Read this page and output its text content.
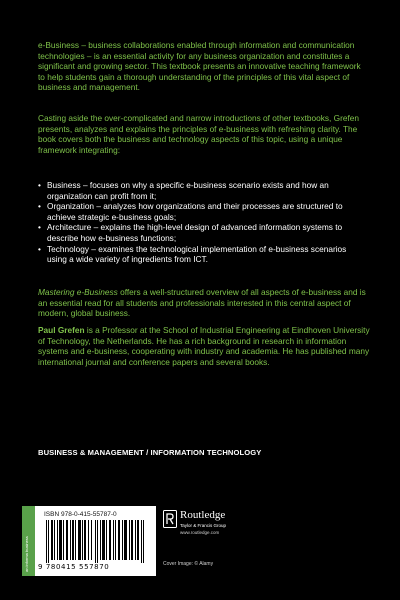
e-Business – business collaborations enabled through information and communication technologies – is an essential activity for any business organization and constitutes a significant and growing sector. This textbook presents an innovative teaching framework to help students gain a thorough understanding of the principles of this vital aspect of business and management.

Casting aside the over-complicated and narrow introductions of other textbooks, Grefen presents, analyzes and explains the principles of e-business with refreshing clarity. The book covers both the business and technology aspects of this topic, using a unique framework integrating:

• Business – focuses on why a specific e-business scenario exists and how an organization can profit from it;
• Organization – analyzes how organizations and their processes are structured to achieve strategic e-business goals;
• Architecture – explains the high-level design of advanced information systems to describe how e-business functions;
• Technology – examines the technological implementation of e-business scenarios using a wide variety of ingredients from ICT.

Mastering e-Business offers a well-structured overview of all aspects of e-business and is an essential read for all students and professionals interested in this central aspect of modern, global business.

Paul Grefen is a Professor at the School of Industrial Engineering at Eindhoven University of Technology, the Netherlands. He has a rich background in research in information systems and e-business, cooperating with industry and academia. He has published many international journal and conference papers and several books.

BUSINESS & MANAGEMENT / INFORMATION TECHNOLOGY

an informa business
ISBN 978-0-415-55787-0
9 780415 557870
Routledge
Taylor & Francis Group
www.routledge.com
Cover Image: © Alamy
